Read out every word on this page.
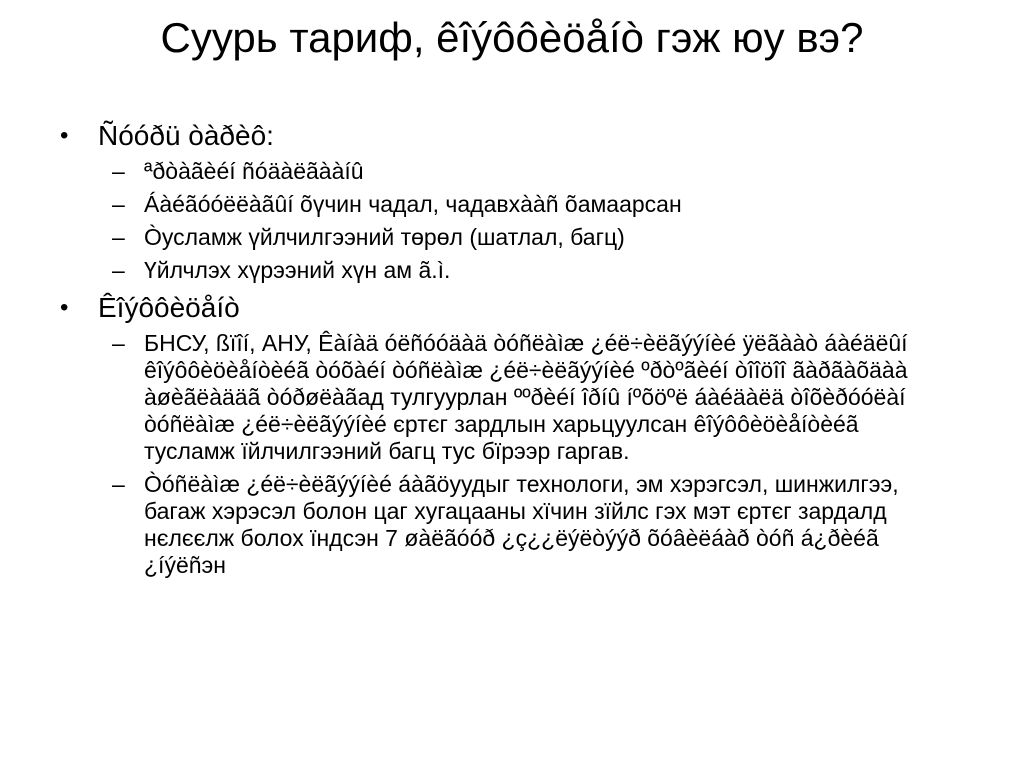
Суурь тариф, êîýôôèöåíò гэж юу вэ?
• Ñóóðü òàðèô:
– ªðòàãèéí ñóäàëãààíû
– Áàéãóóëëàãûí õүчин чадал, чадавхààñ õамаарсан
– Òусламж үйлчилгээний төрөл (шатлал, багц)
– Үйлчлэх хүрээний хүн ам ã.ì.
• Êîýôôèöåíò
– БНСУ, ßïîí, АНУ, Êàíàä óëñóóäàä òóñëàìæ ¿éë÷èëãýýíèé ÿëãààò áàéäëûí êîýôôèöèåíòèéã òóõàéí òóñëàìæ ¿éë÷èëãýýíèé ºðòºãèéí òîîöîî ãàðãàõäàà àøèãëàääã òóðøëàãад тулгуурлан ººðèéí îðíû íºõöºë áàéäàëä òîõèðóóëàí òóñëàìæ ¿éë÷èëãýýíèé єртєг зардлын харьцуулсан êîýôôèöèåíòèéã тусламж їйлчилгээний багц тус бїрээр гаргав.
– Òóñëàìæ ¿éë÷èëãýýíèé áàãöуудыг технологи, эм хэрэгсэл, шинжилгээ, багаж хэрэсэл болон цаг хугацааны хїчин зїйлс гэх мэт єртєг зардалд нєлєєлж болох їндсэн 7 øàëãóóð ¿ç¿¿ëýëòýýð õóâèëáàð òóñ á¿ðèéã ¿íýëñэн
